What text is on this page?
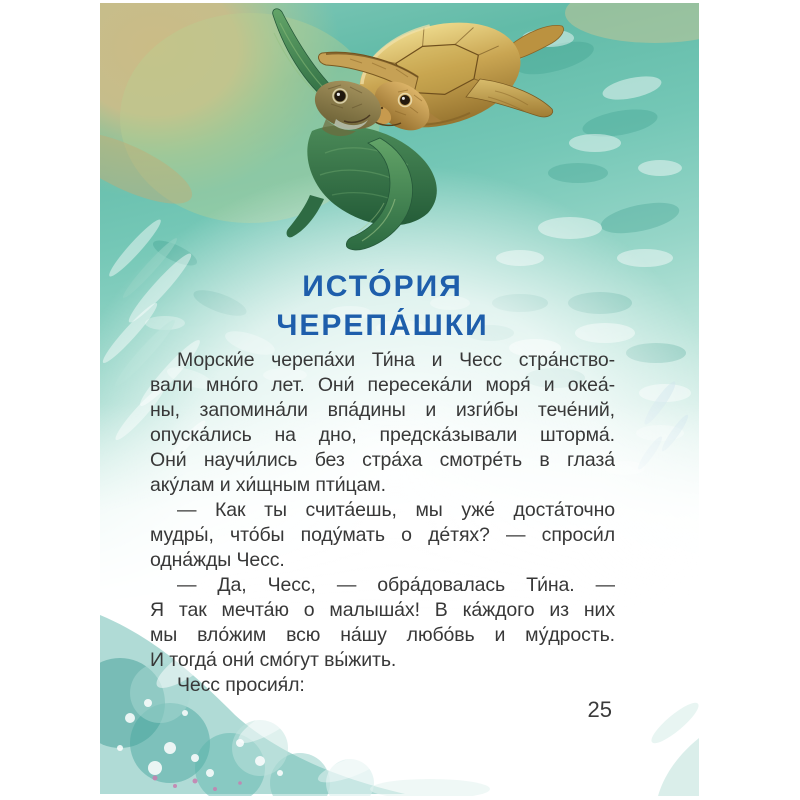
ИСТО́РИЯ
ЧЕРЕПА́ШКИ
Морски́е черепа́хи Ти́на и Чесс стра́нство-
вали мно́го лет. Они́ пересека́ли моря́ и океа́-
ны, запомина́ли впа́дины и изги́бы тече́ний,
опуска́лись на дно, предска́зывали шторма́.
Они́ научи́лись без стра́ха смотре́ть в глаза́
аку́лам и хи́щным пти́цам.
— Как ты счита́ешь, мы уже́ доста́точно
мудры́, что́бы поду́мать о де́тях? — спроси́л
одна́жды Чесс.
— Да, Чесс, — обра́довалась Ти́на. —
Я так мечта́ю о малыша́х! В ка́ждого из них
мы вло́жим всю на́шу любо́вь и му́дрость.
И тогда́ они́ смо́гут вы́жить.
Чесс просия́л:
25
